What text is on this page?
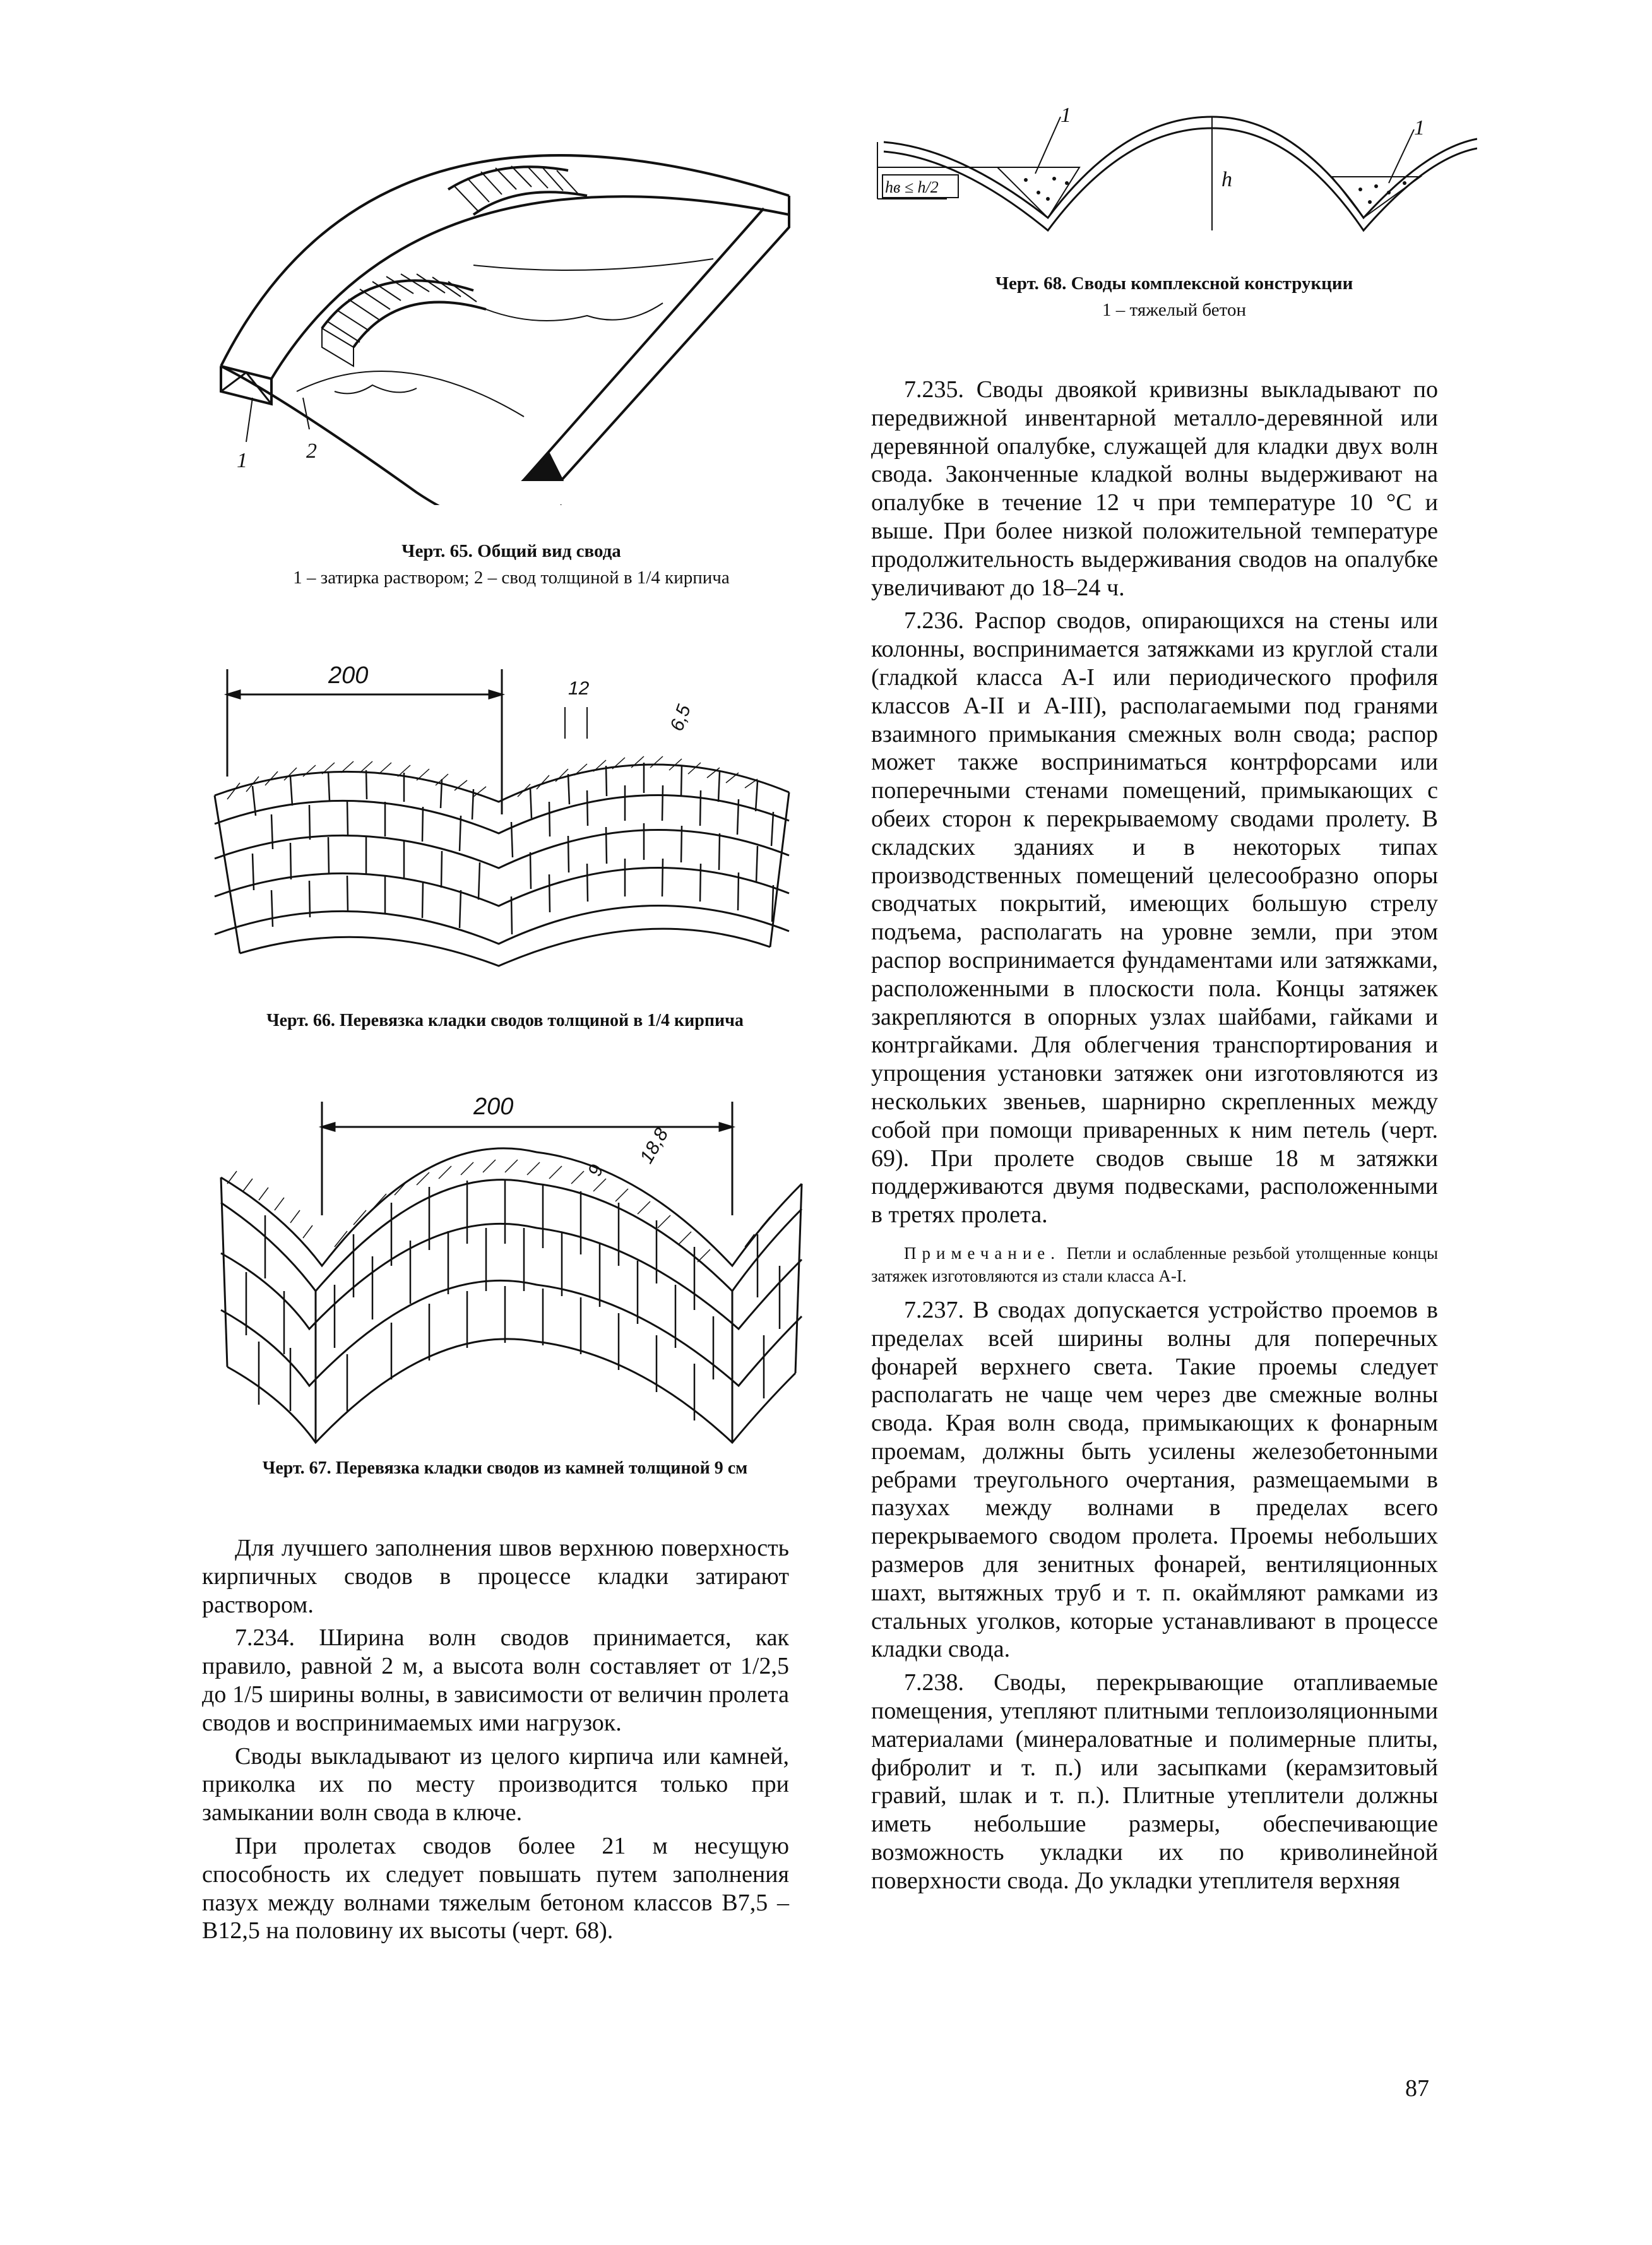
1	2
Черт. 65. Общий вид свода
1 – затирка раствором; 2 – свод толщиной в 1/4 кирпича
200	12
6,5
Черт. 66. Перевязка кладки сводов толщиной в 1/4 кирпича
200
9
18,8
Черт. 67. Перевязка кладки сводов из камней толщиной 9 см

Для лучшего заполнения швов верхнюю поверхность кирпичных сводов в процессе кладки затирают раствором.

7.234. Ширина волн сводов принимается, как правило, равной 2 м, а высота волн составляет от 1/2,5 до 1/5 ширины волны, в зависимости от величин пролета сводов и воспринимаемых ими нагрузок.

Своды выкладывают из целого кирпича или камней, приколка их по месту производится только при замыкании волн свода в ключе.

При пролетах сводов более 21 м несущую способность их следует повышать путем заполнения пазух между волнами тяжелым бетоном классов В7,5 – В12,5 на половину их высоты (черт. 68).

h
hв ≤ h/2
1
1
Черт. 68. Своды комплексной конструкции
1 – тяжелый бетон

7.235. Своды двоякой кривизны выкладывают по передвижной инвентарной металло-деревянной или деревянной опалубке, служащей для кладки двух волн свода. Законченные кладкой волны выдерживают на опалубке в течение 12 ч при температуре 10 °С и выше. При более низкой положительной температуре продолжительность выдерживания сводов на опалубке увеличивают до 18–24 ч.

7.236. Распор сводов, опирающихся на стены или колонны, воспринимается затяжками из круглой стали (гладкой класса А-I или периодического профиля классов А-II и А-III), располагаемыми под гранями взаимного примыкания смежных волн свода; распор может также восприниматься контрфорсами или поперечными стенами помещений, примыкающих с обеих сторон к перекрываемому сводами пролету. В складских зданиях и в некоторых типах производственных помещений целесообразно опоры сводчатых покрытий, имеющих большую стрелу подъема, располагать на уровне земли, при этом распор воспринимается фундаментами или затяжками, расположенными в плоскости пола. Концы затяжек закрепляются в опорных узлах шайбами, гайками и контргайками. Для облегчения транспортирования и упрощения установки затяжек они изготовляются из нескольких звеньев, шарнирно скрепленных между собой при помощи приваренных к ним петель (черт. 69). При пролете сводов свыше 18 м затяжки поддерживаются двумя подвесками, расположенными в третях пролета.

Примечание. Петли и ослабленные резьбой утолщенные концы затяжек изготовляются из стали класса А-I.

7.237. В сводах допускается устройство проемов в пределах всей ширины волны для поперечных фонарей верхнего света. Такие проемы следует располагать не чаще чем через две смежные волны свода. Края волн свода, примыкающих к фонарным проемам, должны быть усилены железобетонными ребрами треугольного очертания, размещаемыми в пазухах между волнами в пределах всего перекрываемого сводом пролета. Проемы небольших размеров для зенитных фонарей, вентиляционных шахт, вытяжных труб и т. п. окаймляют рамками из стальных уголков, которые устанавливают в процессе кладки свода.

7.238. Своды, перекрывающие отапливаемые помещения, утепляют плитными теплоизоляционными материалами (минераловатные и полимерные плиты, фибролит и т. п.) или засыпками (керамзитовый гравий, шлак и т. п.). Плитные утеплители должны иметь небольшие размеры, обеспечивающие возможность укладки их по криволинейной поверхности свода. До укладки утеплителя верхняя

87
